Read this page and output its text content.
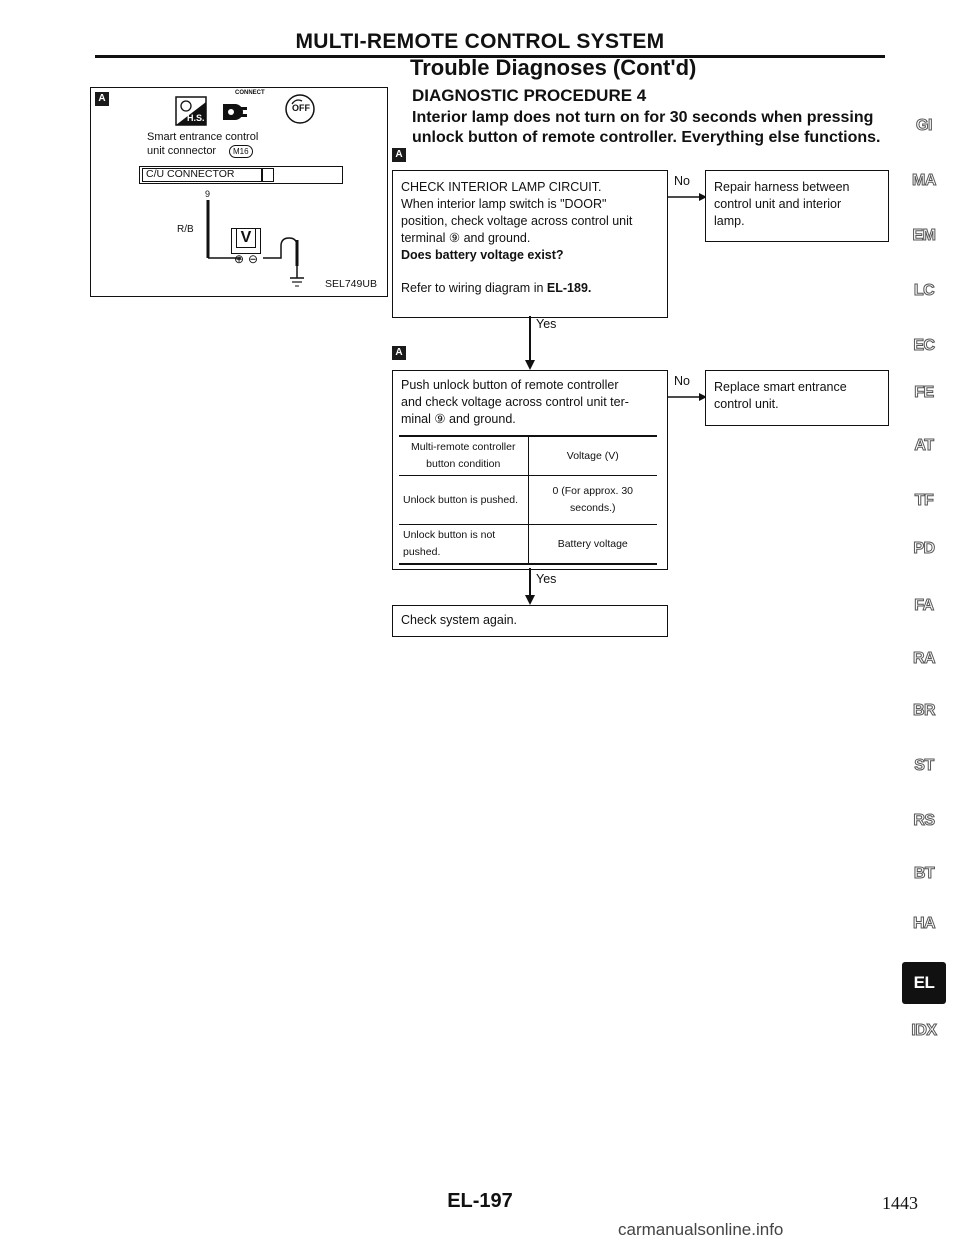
MULTI-REMOTE CONTROL SYSTEM
Trouble Diagnoses (Cont'd)
DIAGNOSTIC PROCEDURE 4
Interior lamp does not turn on for 30 seconds when pressing unlock button of remote controller. Everything else functions.
A
H.S.
CONNECT
OFF
Smart entrance control
unit connector	M16
C/U CONNECTOR
9
R/B	V
⊕ ⊖
SEL749UB
A
CHECK INTERIOR LAMP CIRCUIT.
When interior lamp switch is "DOOR"
position, check voltage across control unit
terminal ⑨ and ground.
Does battery voltage exist?
Refer to wiring diagram in EL-189.
No Repair harness between
control unit and interior
lamp.
Yes
A
Push unlock button of remote controller
and check voltage across control unit ter-
minal ⑨ and ground.
Multi-remote controller button condition	Voltage (V)
Unlock button is pushed.	0 (For approx. 30 seconds.)
Unlock button is not pushed.	Battery voltage
No Replace smart entrance
control unit.
Yes
Check system again.
GI
MA
EM
LC
EC
FE
AT
TF
PD
FA
RA
BR
ST
RS
BT
HA
EL
IDX
EL-197	1443
carmanualsonline.info
